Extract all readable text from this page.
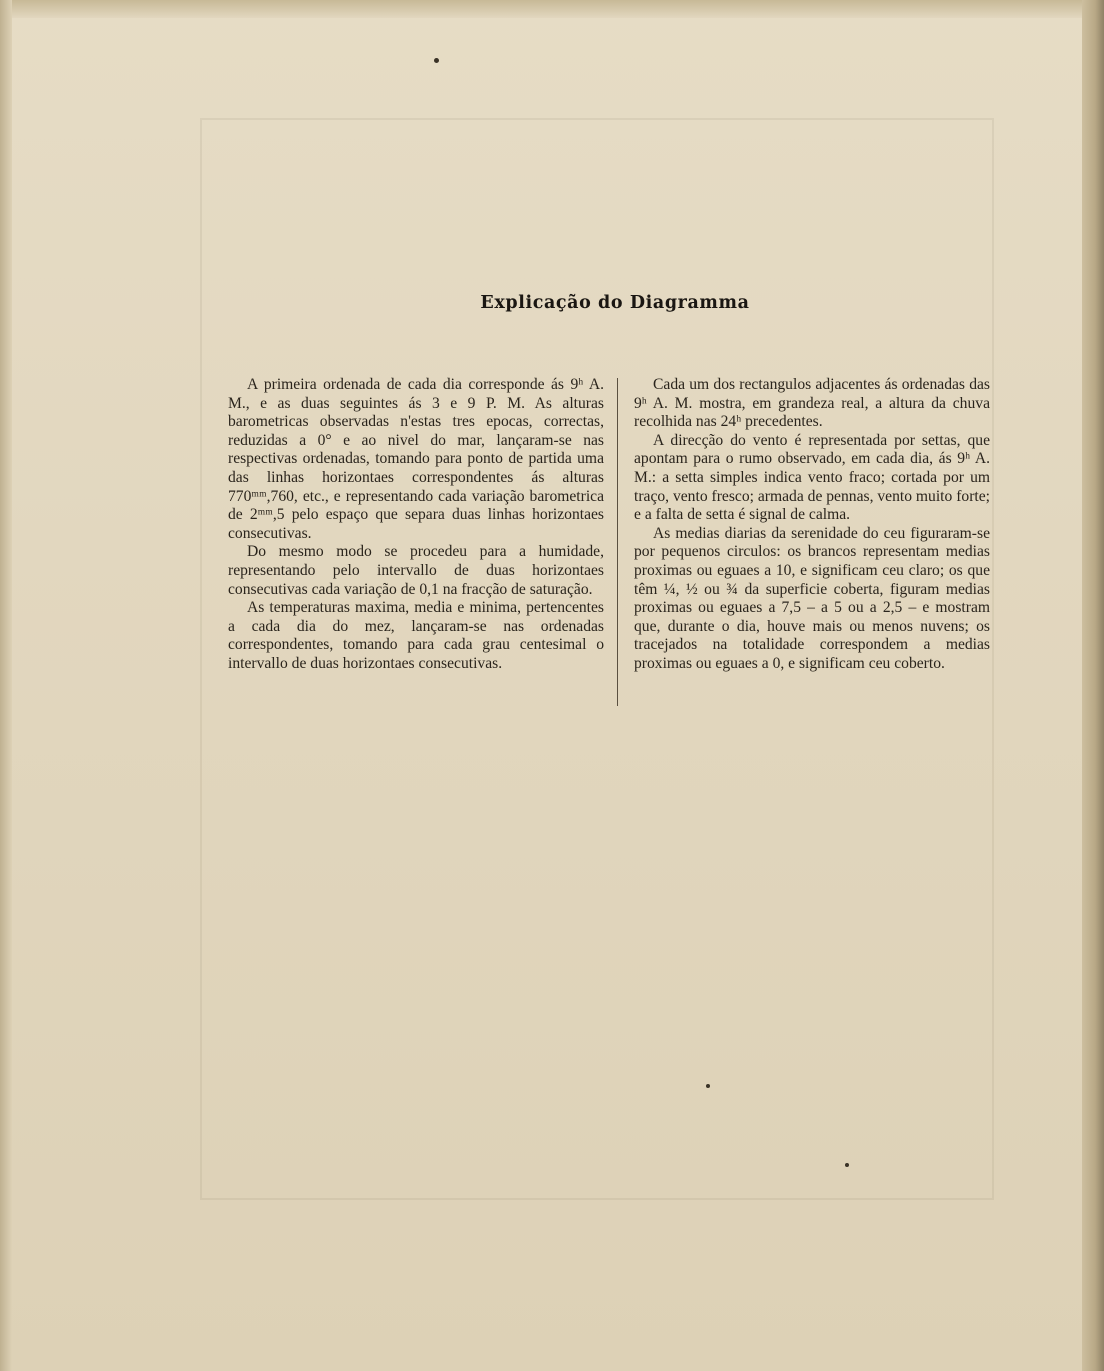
Explicação do Diagramma

A primeira ordenada de cada dia corresponde ás 9ʰ A. M., e as duas seguintes ás 3 e 9 P. M. As alturas barometricas observadas n'estas tres epocas, correctas, reduzidas a 0° e ao nivel do mar, lançaram-se nas respectivas ordenadas, tomando para ponto de partida uma das linhas horizontaes correspondentes ás alturas 770ᵐᵐ,760, etc., e representando cada variação barometrica de 2ᵐᵐ,5 pelo espaço que separa duas linhas horizontaes consecutivas.

Do mesmo modo se procedeu para a humidade, representando pelo intervallo de duas horizontaes consecutivas cada variação de 0,1 na fracção de saturação.

As temperaturas maxima, media e minima, pertencentes a cada dia do mez, lançaram-se nas ordenadas correspondentes, tomando para cada grau centesimal o intervallo de duas horizontaes consecutivas.

Cada um dos rectangulos adjacentes ás ordenadas das 9ʰ A. M. mostra, em grandeza real, a altura da chuva recolhida nas 24ʰ precedentes.

A direcção do vento é representada por settas, que apontam para o rumo observado, em cada dia, ás 9ʰ A. M.: a setta simples indica vento fraco; cortada por um traço, vento fresco; armada de pennas, vento muito forte; e a falta de setta é signal de calma.

As medias diarias da serenidade do ceu figuraram-se por pequenos circulos: os brancos representam medias proximas ou eguaes a 10, e significam ceu claro; os que têm ¼, ½ ou ¾ da superficie coberta, figuram medias proximas ou eguaes a 7,5 – a 5 ou a 2,5 – e mostram que, durante o dia, houve mais ou menos nuvens; os tracejados na totalidade correspondem a medias proximas ou eguaes a 0, e significam ceu coberto.
